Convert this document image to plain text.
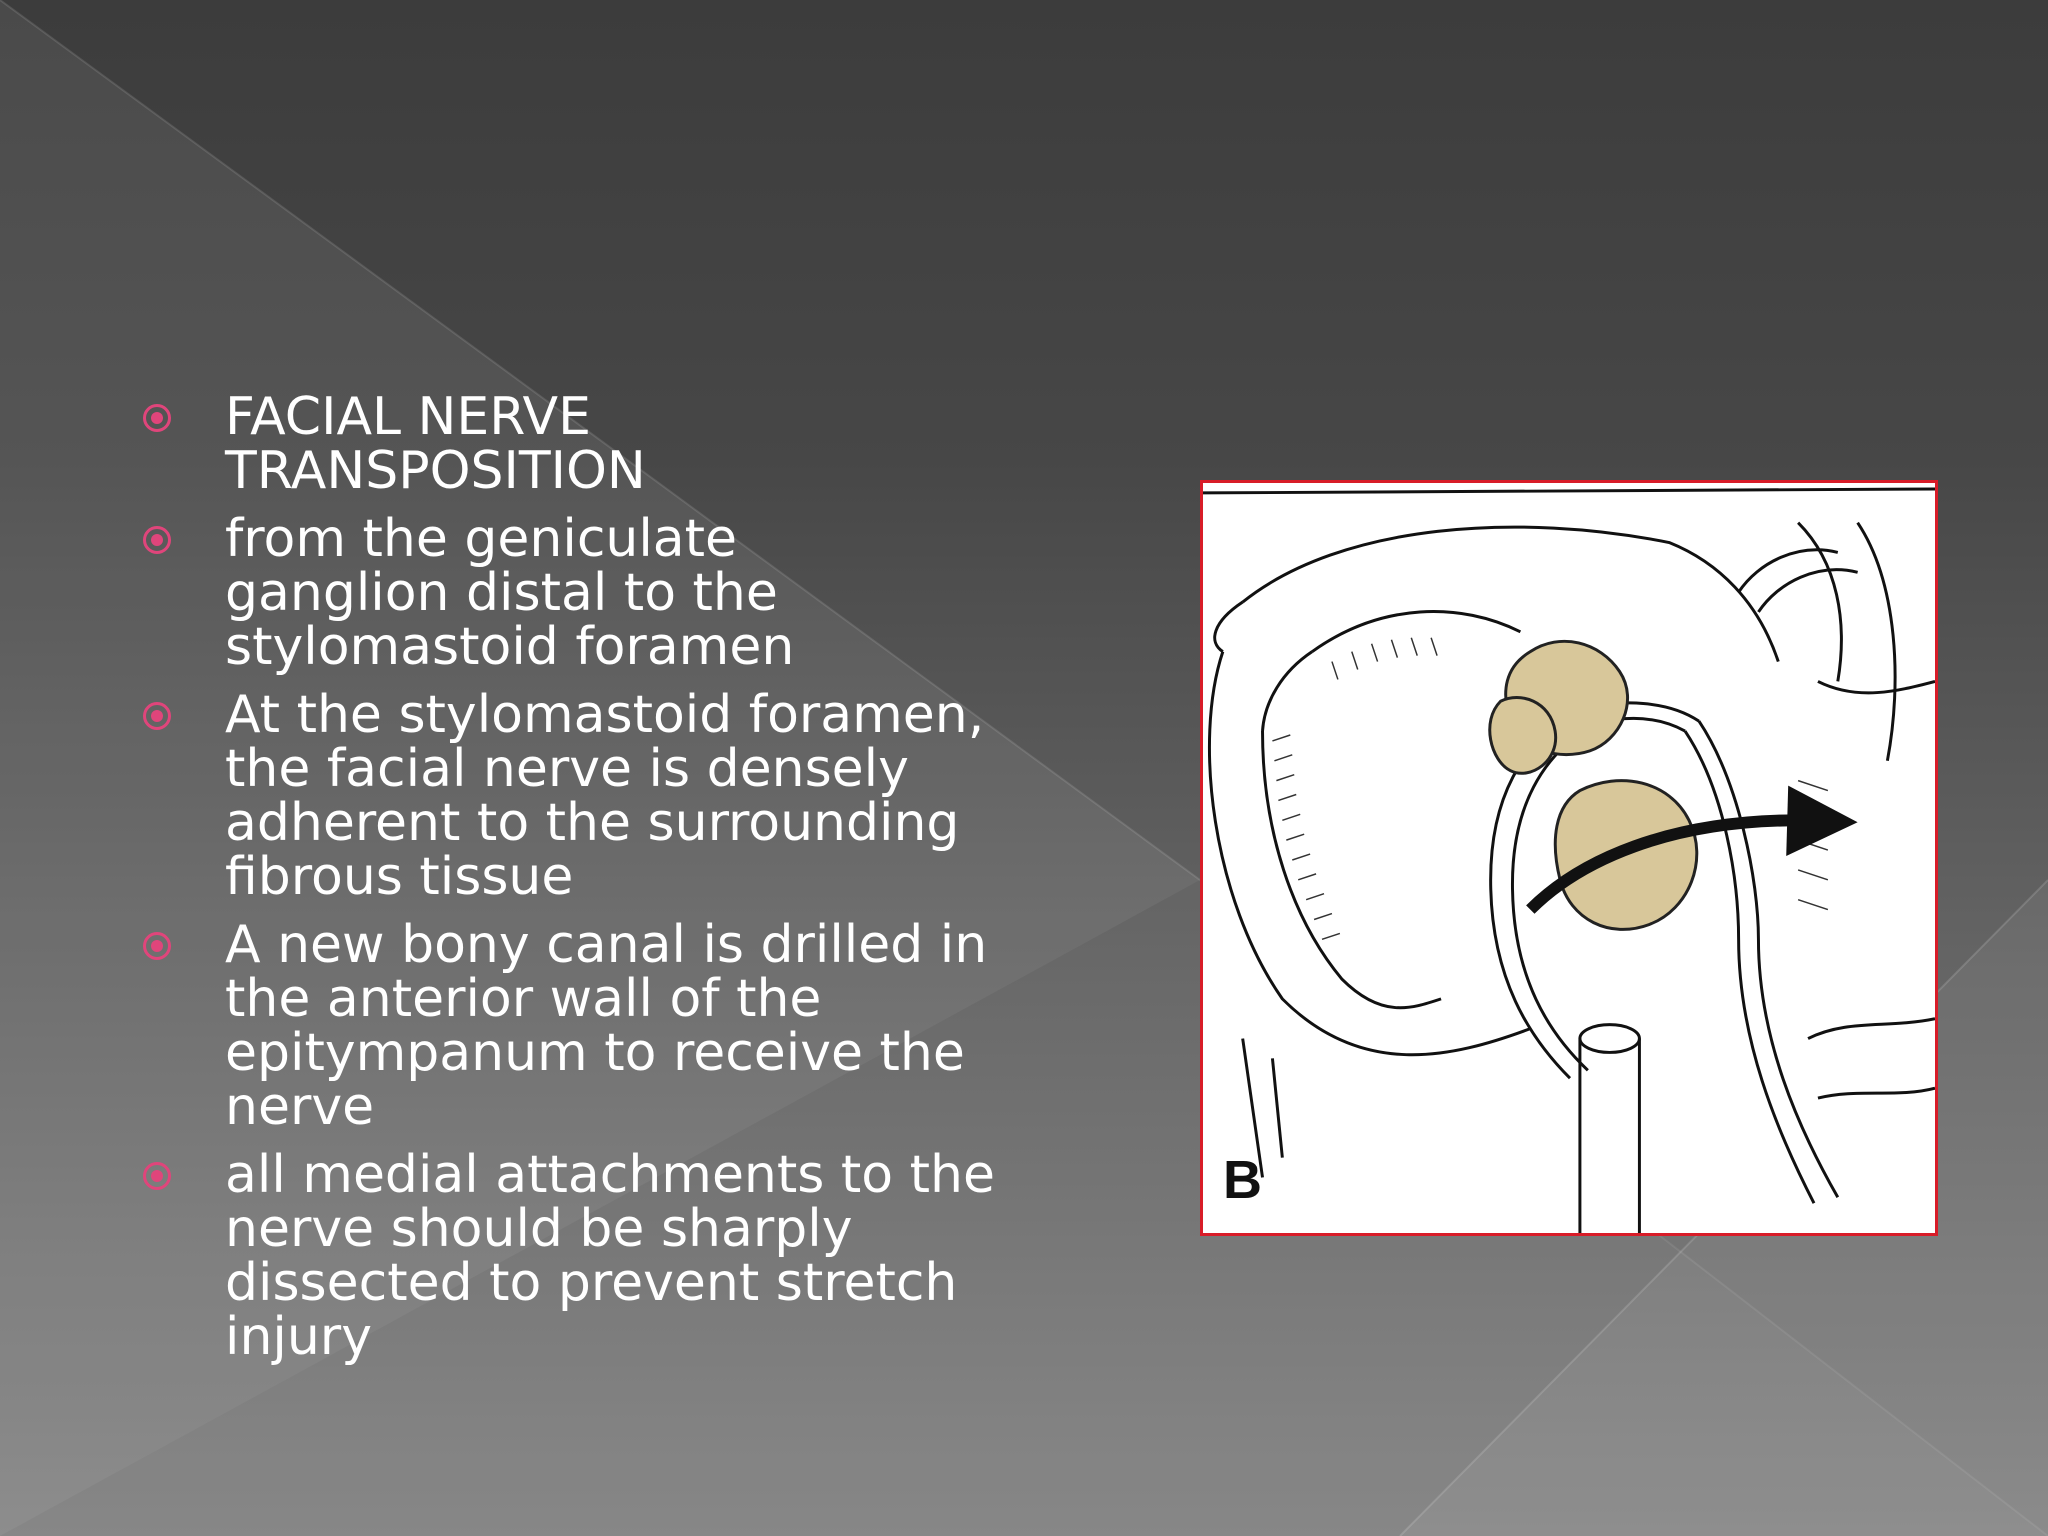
FACIAL NERVE TRANSPOSITION
from the geniculate ganglion distal to the stylomastoid foramen
At the stylomastoid foramen, the facial nerve is densely adherent to the surrounding fibrous tissue
A new bony canal is drilled in the anterior wall of the epitympanum to receive the nerve
all medial attachments to the nerve should be sharply dissected to prevent stretch injury
B
